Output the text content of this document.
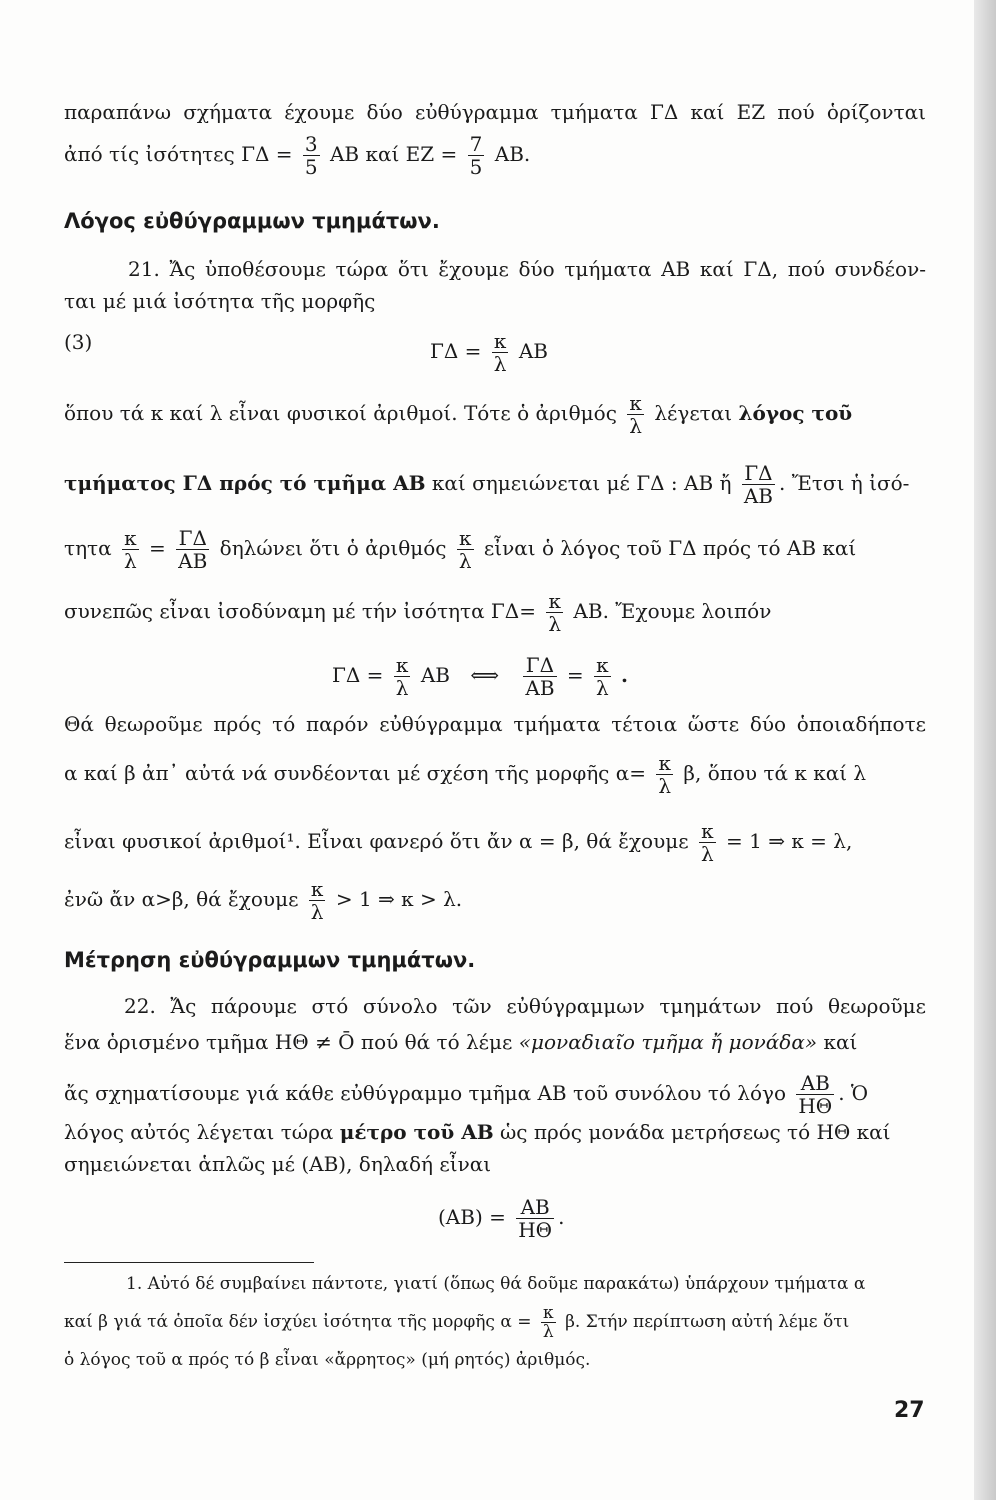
παραπάνω σχήματα έχουμε δύο εὐθύγραμμα τμήματα ΓΔ καί ΕΖ πού ὁρίζονται
ἀπό τίς ἰσότητες $\Gamma\Delta = \frac{3}{5}$ ΑΒ καί $EZ = \frac{7}{5} AB$.
Λόγος εὐθύγραμμων τμημάτων.
21. Ἄς ὑποθέσουμε τώρα ὅτι ἔχουμε δύο τμήματα ΑΒ καί ΓΔ, πού συνδέον-
ται μέ μιά ἰσότητα τῆς μορφῆς
(3)	$\Gamma\Delta = \frac{\kappa}{\lambda}$ ΑΒ
ὅπου τά κ καί λ εἶναι φυσικοί ἀριθμοί. Τότε ὁ ἀριθμός $\frac{\kappa}{\lambda}$ λέγεται λόγος τοῦ
τμήματος ΓΔ πρός τό τμῆμα ΑΒ καί σημειώνεται μέ ΓΔ : ΑΒ ἤ $\frac{\Gamma\Delta}{AB}$ . Ἔτσι ἡ ἰσό-
τητα $\frac{\kappa}{\lambda} = \frac{\Gamma\Delta}{AB}$ δηλώνει ὅτι ὁ ἀριθμός $\frac{\kappa}{\lambda}$ εἶναι ὁ λόγος τοῦ ΓΔ πρός τό ΑΒ καί
συνεπῶς εἶναι ἰσοδύναμη μέ τήν ἰσότητα $\Gamma\Delta= \frac{\kappa}{\lambda} AB$. Ἔχουμε λοιπόν
$\Gamma\Delta = \frac{\kappa}{\lambda}$ ΑΒ ⟺ $\frac{\Gamma\Delta}{AB} = \frac{\kappa}{\lambda}$ .
Θά θεωροῦμε πρός τό παρόν εὐθύγραμμα τμήματα τέτοια ὥστε δύο ὁποιαδήποτε
α καί β ἀπ᾽ αὐτά νά συνδέονται μέ σχέση τῆς μορφῆς $\alpha= \frac{\kappa}{\lambda} \beta$, ὅπου τά κ καί λ
εἶναι φυσικοί ἀριθμοί¹. Εἶναι φανερό ὅτι ἄν α = β, θά ἔχουμε $\frac{\kappa}{\lambda} = 1$ ⇒ κ = λ,
ἐνῶ ἄν α>β, θά ἔχουμε $\frac{\kappa}{\lambda} > 1$ ⇒ κ > λ.
Μέτρηση εὐθύγραμμων τμημάτων.
22. Ἄς πάρουμε στό σύνολο τῶν εὐθύγραμμων τμημάτων πού θεωροῦμε
ἕνα ὁρισμένο τμῆμα ΗΘ ≠ Ō πού θά τό λέμε «μοναδιαῖο τμῆμα ἤ μονάδα» καί
ἄς σχηματίσουμε γιά κάθε εὐθύγραμμο τμῆμα ΑΒ τοῦ συνόλου τό λόγο $\frac{AB}{H\Theta}$ . Ὁ
λόγος αὐτός λέγεται τώρα μέτρο τοῦ ΑΒ ὡς πρός μονάδα μετρήσεως τό ΗΘ καί
σημειώνεται ἁπλῶς μέ (ΑΒ), δηλαδή εἶναι
$(AB) = \frac{AB}{H\Theta}$ .
1. Αὐτό δέ συμβαίνει πάντοτε, γιατί (ὅπως θά δοῦμε παρακάτω) ὑπάρχουν τμήματα α
καί β γιά τά ὁποῖα δέν ἰσχύει ἰσότητα τῆς μορφῆς $\alpha = \frac{\kappa}{\lambda} \beta$. Στήν περίπτωση αὐτή λέμε ὅτι
ὁ λόγος τοῦ α πρός τό β εἶναι «ἄρρητος» (μή ρητός) ἀριθμός.
27
